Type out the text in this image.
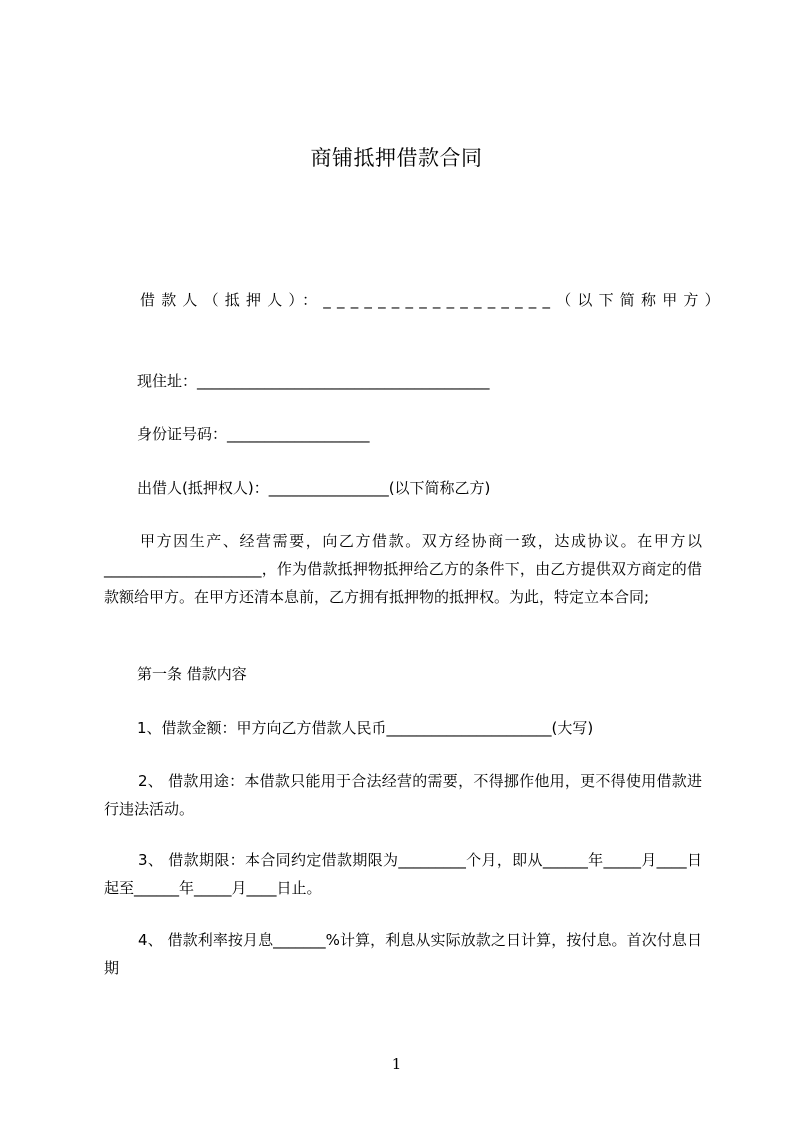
商铺抵押借款合同
借款人（抵押人）：_________________（以下简称甲方）
现住址：_______________________________________
身份证号码：___________________
出借人(抵押权人)：________________(以下简称乙方)
甲方因生产、经营需要，向乙方借款。双方经协商一致，达成协议。在甲方以_____________________，作为借款抵押物抵押给乙方的条件下，由乙方提供双方商定的借款额给甲方。在甲方还清本息前，乙方拥有抵押物的抵押权。为此，特定立本合同;
第一条 借款内容
1、借款金额：甲方向乙方借款人民币______________________(大写)
2、 借款用途：本借款只能用于合法经营的需要，不得挪作他用，更不得使用借款进行违法活动。
3、 借款期限：本合同约定借款期限为_________个月，即从______年_____月____日起至______年_____月____日止。
4、 借款利率按月息_______%计算，利息从实际放款之日计算，按付息。首次付息日期
1
